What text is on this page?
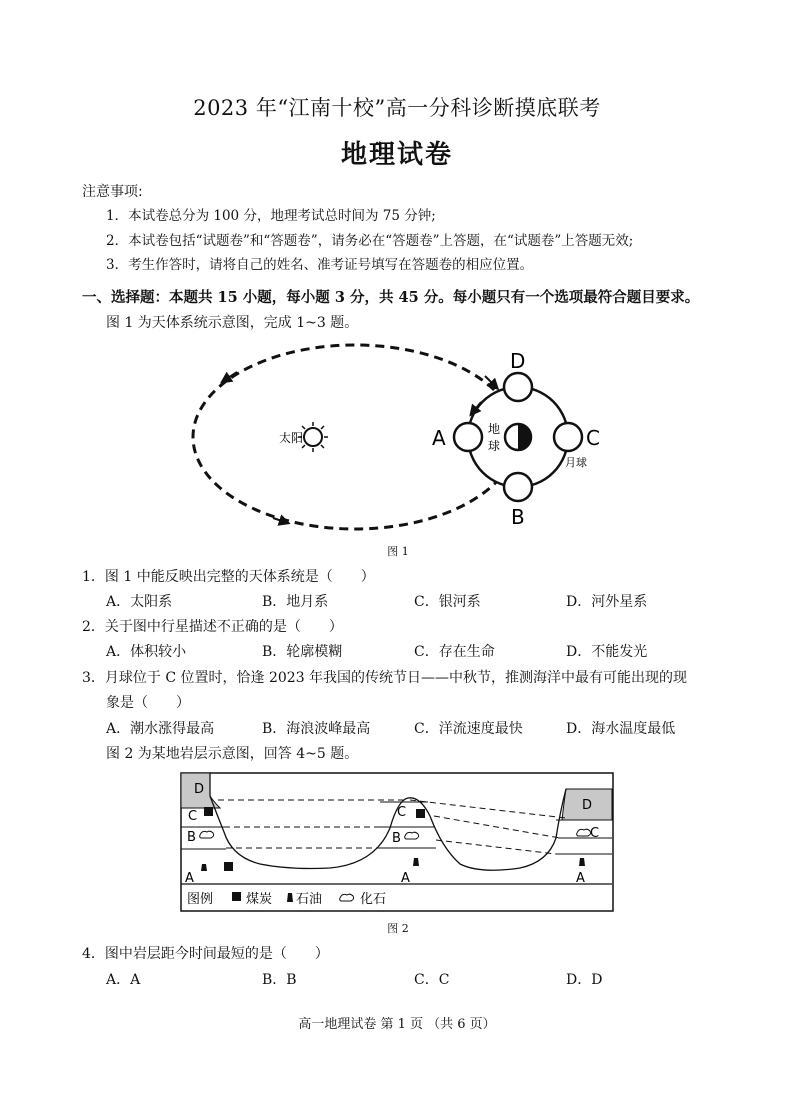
2023 年“江南十校”高一分科诊断摸底联考
地理试卷
注意事项:
1．本试卷总分为 100 分，地理考试总时间为 75 分钟;
2．本试卷包括“试题卷”和“答题卷”，请务必在“答题卷”上答题，在“试题卷”上答题无效;
3．考生作答时，请将自己的姓名、准考证号填写在答题卷的相应位置。
一、选择题：本题共 15 小题，每小题 3 分，共 45 分。每小题只有一个选项最符合题目要求。
图 1 为天体系统示意图，完成 1~3 题。
太阳
地
球
D
B
A	C
月球
图 1
1．图 1 中能反映出完整的天体系统是（　　）
A．太阳系	B．地月系	C．银河系	D．河外星系
2．关于图中行星描述不正确的是（　　）
A．体积较小	B．轮廓模糊	C．存在生命	D．不能发光
3．月球位于 C 位置时，恰逢 2023 年我国的传统节日——中秋节，推测海洋中最有可能出现的现
象是（　　）
A．潮水涨得最高	B．海浪波峰最高	C．洋流速度最快	D．海水温度最低
图 2 为某地岩层示意图，回答 4~5 题。
D
C
B
A
C
B
A
D
C
A
图例	煤炭 石油	化石
图 2
4．图中岩层距今时间最短的是（　　）
A．A	B．B	C．C	D．D
高一地理试卷 第 1 页 （共 6 页）
